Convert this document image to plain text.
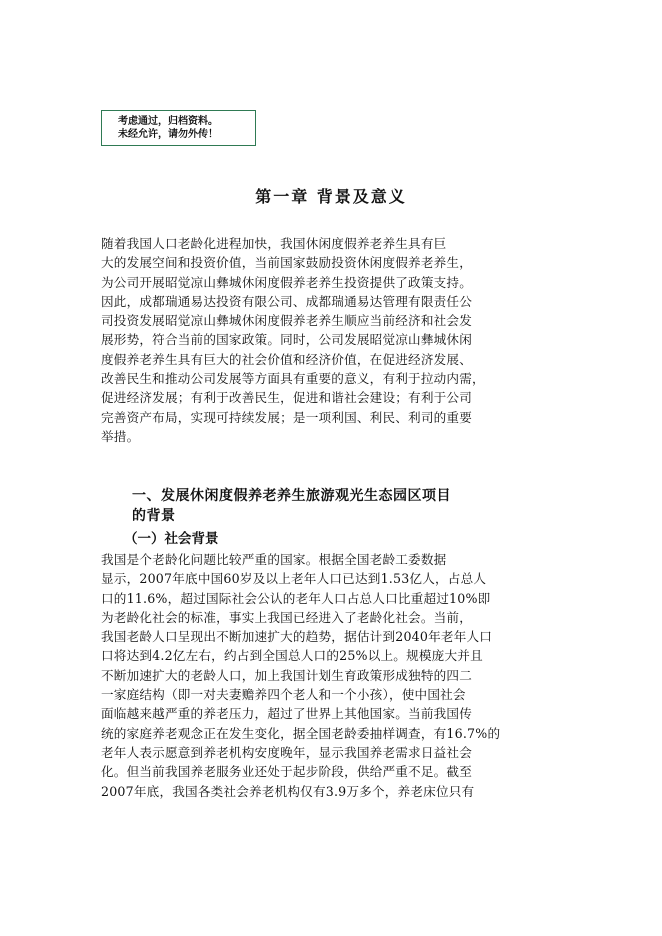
考虑通过，归档资料。
未经允许，请勿外传！
第一章 背景及意义
随着我国人口老龄化进程加快，我国休闲度假养老养生具有巨
大的发展空间和投资价值，当前国家鼓励投资休闲度假养老养生，
为公司开展昭觉凉山彝城休闲度假养老养生投资提供了政策支持。
因此，成都瑞通易达投资有限公司、成都瑞通易达管理有限责任公
司投资发展昭觉凉山彝城休闲度假养老养生顺应当前经济和社会发
展形势，符合当前的国家政策。同时，公司发展昭觉凉山彝城休闲
度假养老养生具有巨大的社会价值和经济价值，在促进经济发展、
改善民生和推动公司发展等方面具有重要的意义，有利于拉动内需，
促进经济发展；有利于改善民生，促进和谐社会建设；有利于公司
完善资产布局，实现可持续发展；是一项利国、利民、利司的重要
举措。
一、发展休闲度假养老养生旅游观光生态园区项目
的背景
（一）社会背景
我国是个老龄化问题比较严重的国家。根据全国老龄工委数据
显示，2007年底中国60岁及以上老年人口已达到1.53亿人，占总人
口的11.6%，超过国际社会公认的老年人口占总人口比重超过10%即
为老龄化社会的标准，事实上我国已经进入了老龄化社会。当前，
我国老龄人口呈现出不断加速扩大的趋势，据估计到2040年老年人口
口将达到4.2亿左右，约占到全国总人口的25%以上。规模庞大并且
不断加速扩大的老龄人口，加上我国计划生育政策形成独特的四二
一家庭结构（即一对夫妻赡养四个老人和一个小孩），使中国社会
面临越来越严重的养老压力，超过了世界上其他国家。当前我国传
统的家庭养老观念正在发生变化，据全国老龄委抽样调查，有16.7%的
老年人表示愿意到养老机构安度晚年，显示我国养老需求日益社会
化。但当前我国养老服务业还处于起步阶段，供给严重不足。截至
2007年底，我国各类社会养老机构仅有3.9万多个，养老床位只有
